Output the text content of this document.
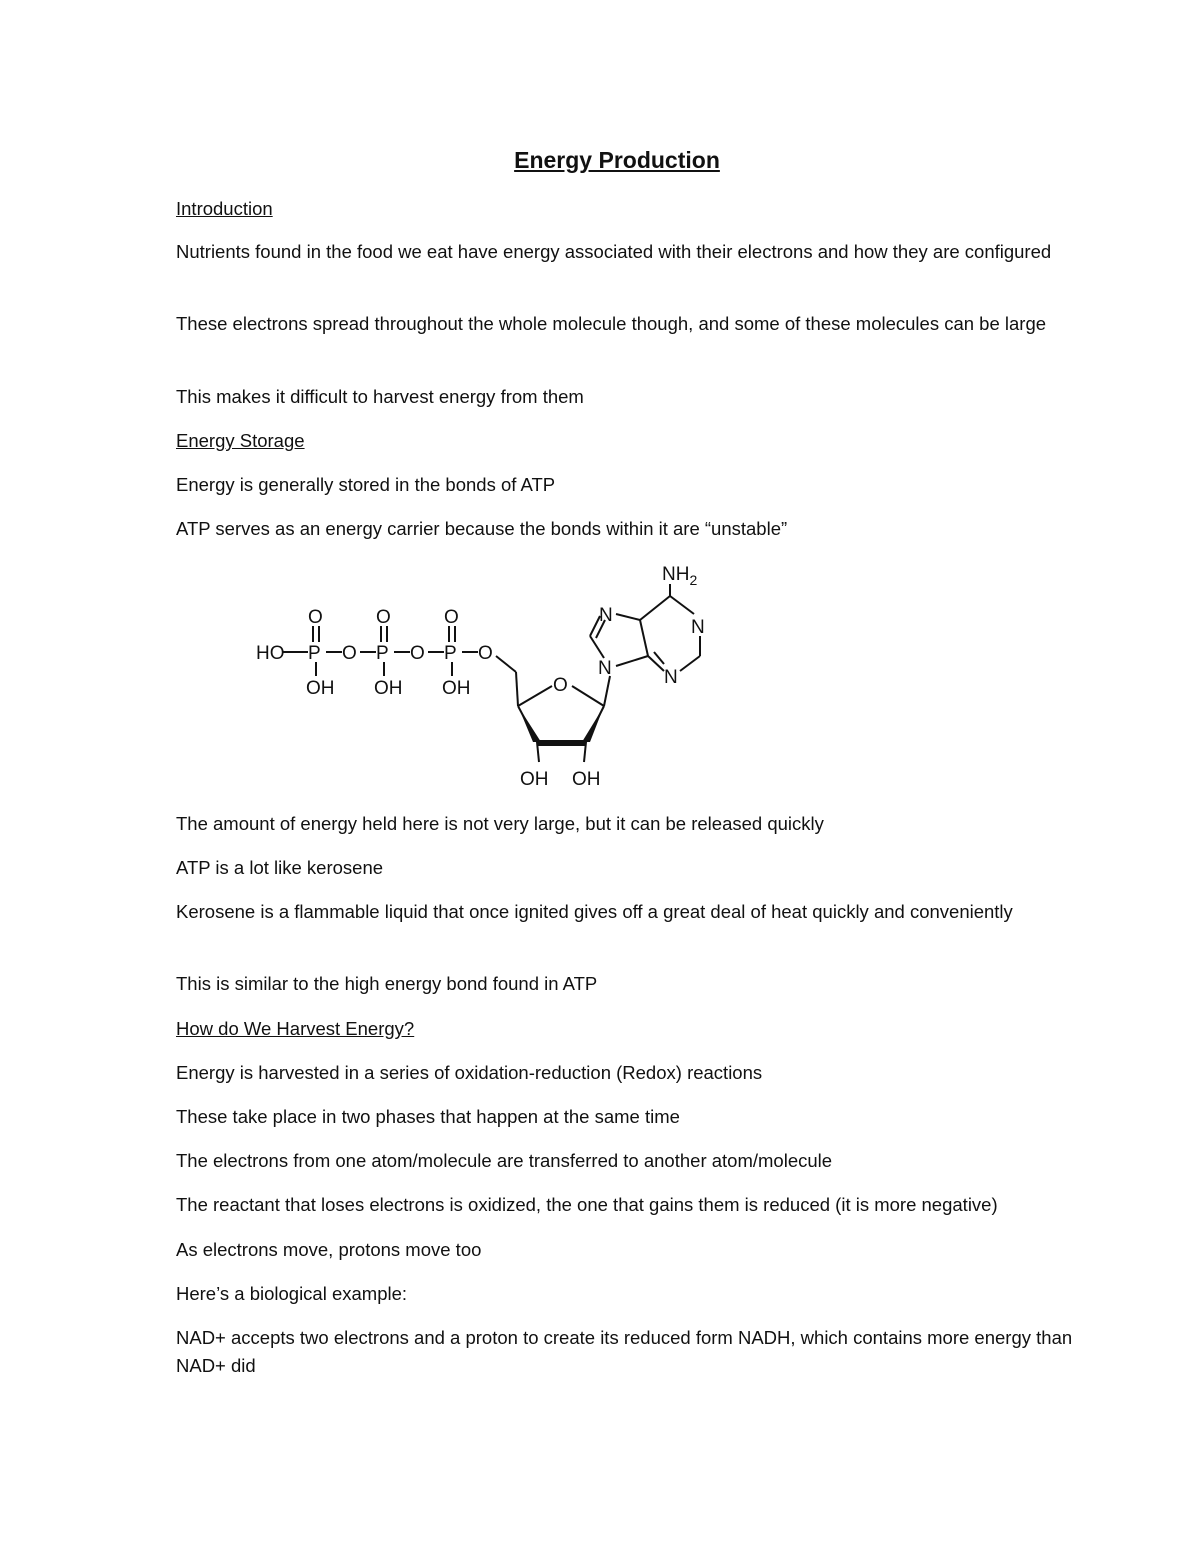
Energy Production
Introduction
Nutrients found in the food we eat have energy associated with their electrons and how they are configured
These electrons spread throughout the whole molecule though, and some of these molecules can be large
This makes it difficult to harvest energy from them
Energy Storage
Energy is generally stored in the bonds of ATP
ATP serves as an energy carrier because the bonds within it are “unstable”
HO P	P	P
O	O	O
O	O	O
OH OH OH	O
OH OH
N
N
N
N
$NH_2$
The amount of energy held here is not very large, but it can be released quickly
ATP is a lot like kerosene
Kerosene is a flammable liquid that once ignited gives off a great deal of heat quickly and conveniently
This is similar to the high energy bond found in ATP
How do We Harvest Energy?
Energy is harvested in a series of oxidation-reduction (Redox) reactions
These take place in two phases that happen at the same time
The electrons from one atom/molecule are transferred to another atom/molecule
The reactant that loses electrons is oxidized, the one that gains them is reduced (it is more negative)
As electrons move, protons move too
Here’s a biological example:
NAD+ accepts two electrons and a proton to create its reduced form NADH, which contains more energy than NAD+ did
